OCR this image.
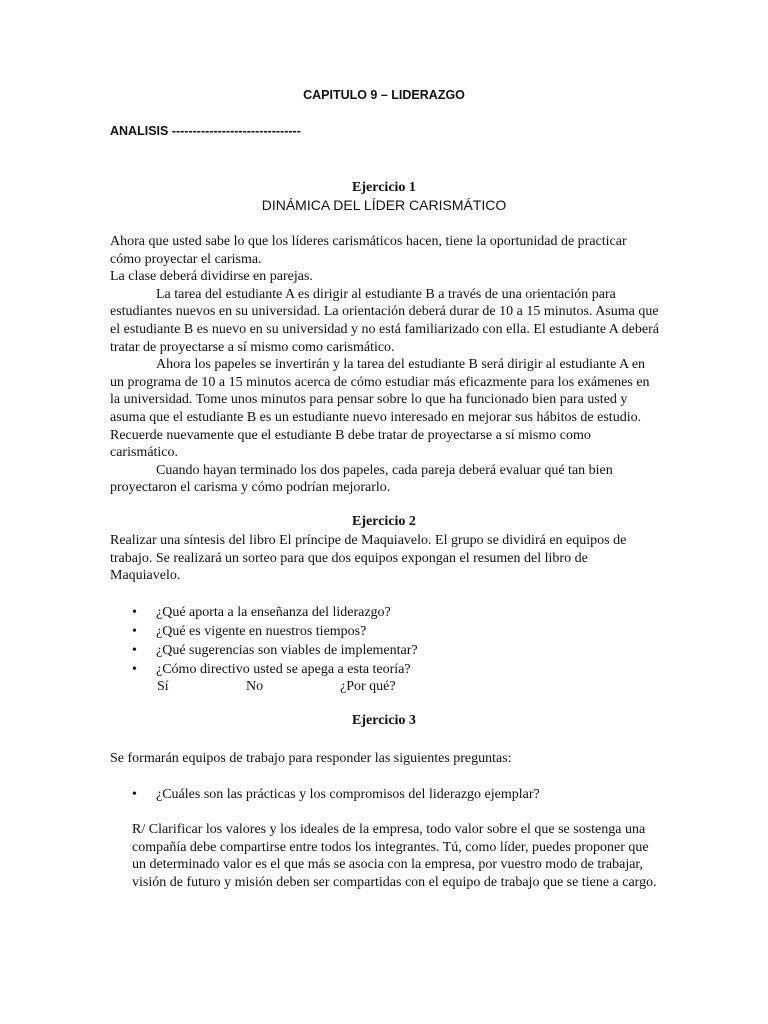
CAPITULO 9 – LIDERAZGO
ANALISIS -------------------------------
Ejercicio 1
DINÁMICA DEL LÍDER CARISMÁTICO

Ahora que usted sabe lo que los líderes carismáticos hacen, tiene la oportunidad de practicar cómo proyectar el carisma.

La clase deberá dividirse en parejas.

La tarea del estudiante A es dirigir al estudiante B a través de una orientación para estudiantes nuevos en su universidad. La orientación deberá durar de 10 a 15 minutos. Asuma que el estudiante B es nuevo en su universidad y no está familiarizado con ella. El estudiante A deberá tratar de proyectarse a sí mismo como carismático.

Ahora los papeles se invertirán y la tarea del estudiante B será dirigir al estudiante A en un programa de 10 a 15 minutos acerca de cómo estudiar más eficazmente para los exámenes en la universidad. Tome unos minutos para pensar sobre lo que ha funcionado bien para usted y asuma que el estudiante B es un estudiante nuevo interesado en mejorar sus hábitos de estudio. Recuerde nuevamente que el estudiante B debe tratar de proyectarse a sí mismo como carismático.

Cuando hayan terminado los dos papeles, cada pareja deberá evaluar qué tan bien proyectaron el carisma y cómo podrían mejorarlo.

Ejercicio 2

Realizar una síntesis del libro El príncipe de Maquiavelo. El grupo se dividirá en equipos de trabajo. Se realizará un sorteo para que dos equipos expongan el resumen del libro de Maquiavelo.

• ¿Qué aporta a la enseñanza del liderazgo?
• ¿Qué es vigente en nuestros tiempos?
• ¿Qué sugerencias son viables de implementar?
• ¿Cómo directivo usted se apega a esta teoría?
Sí	No	¿Por qué?
Ejercicio 3

Se formarán equipos de trabajo para responder las siguientes preguntas:

• ¿Cuáles son las prácticas y los compromisos del liderazgo ejemplar?

R/ Clarificar los valores y los ideales de la empresa, todo valor sobre el que se sostenga una compañía debe compartirse entre todos los integrantes. Tú, como líder, puedes proponer que un determinado valor es el que más se asocia con la empresa, por vuestro modo de trabajar, visión de futuro y misión deben ser compartidas con el equipo de trabajo que se tiene a cargo.
